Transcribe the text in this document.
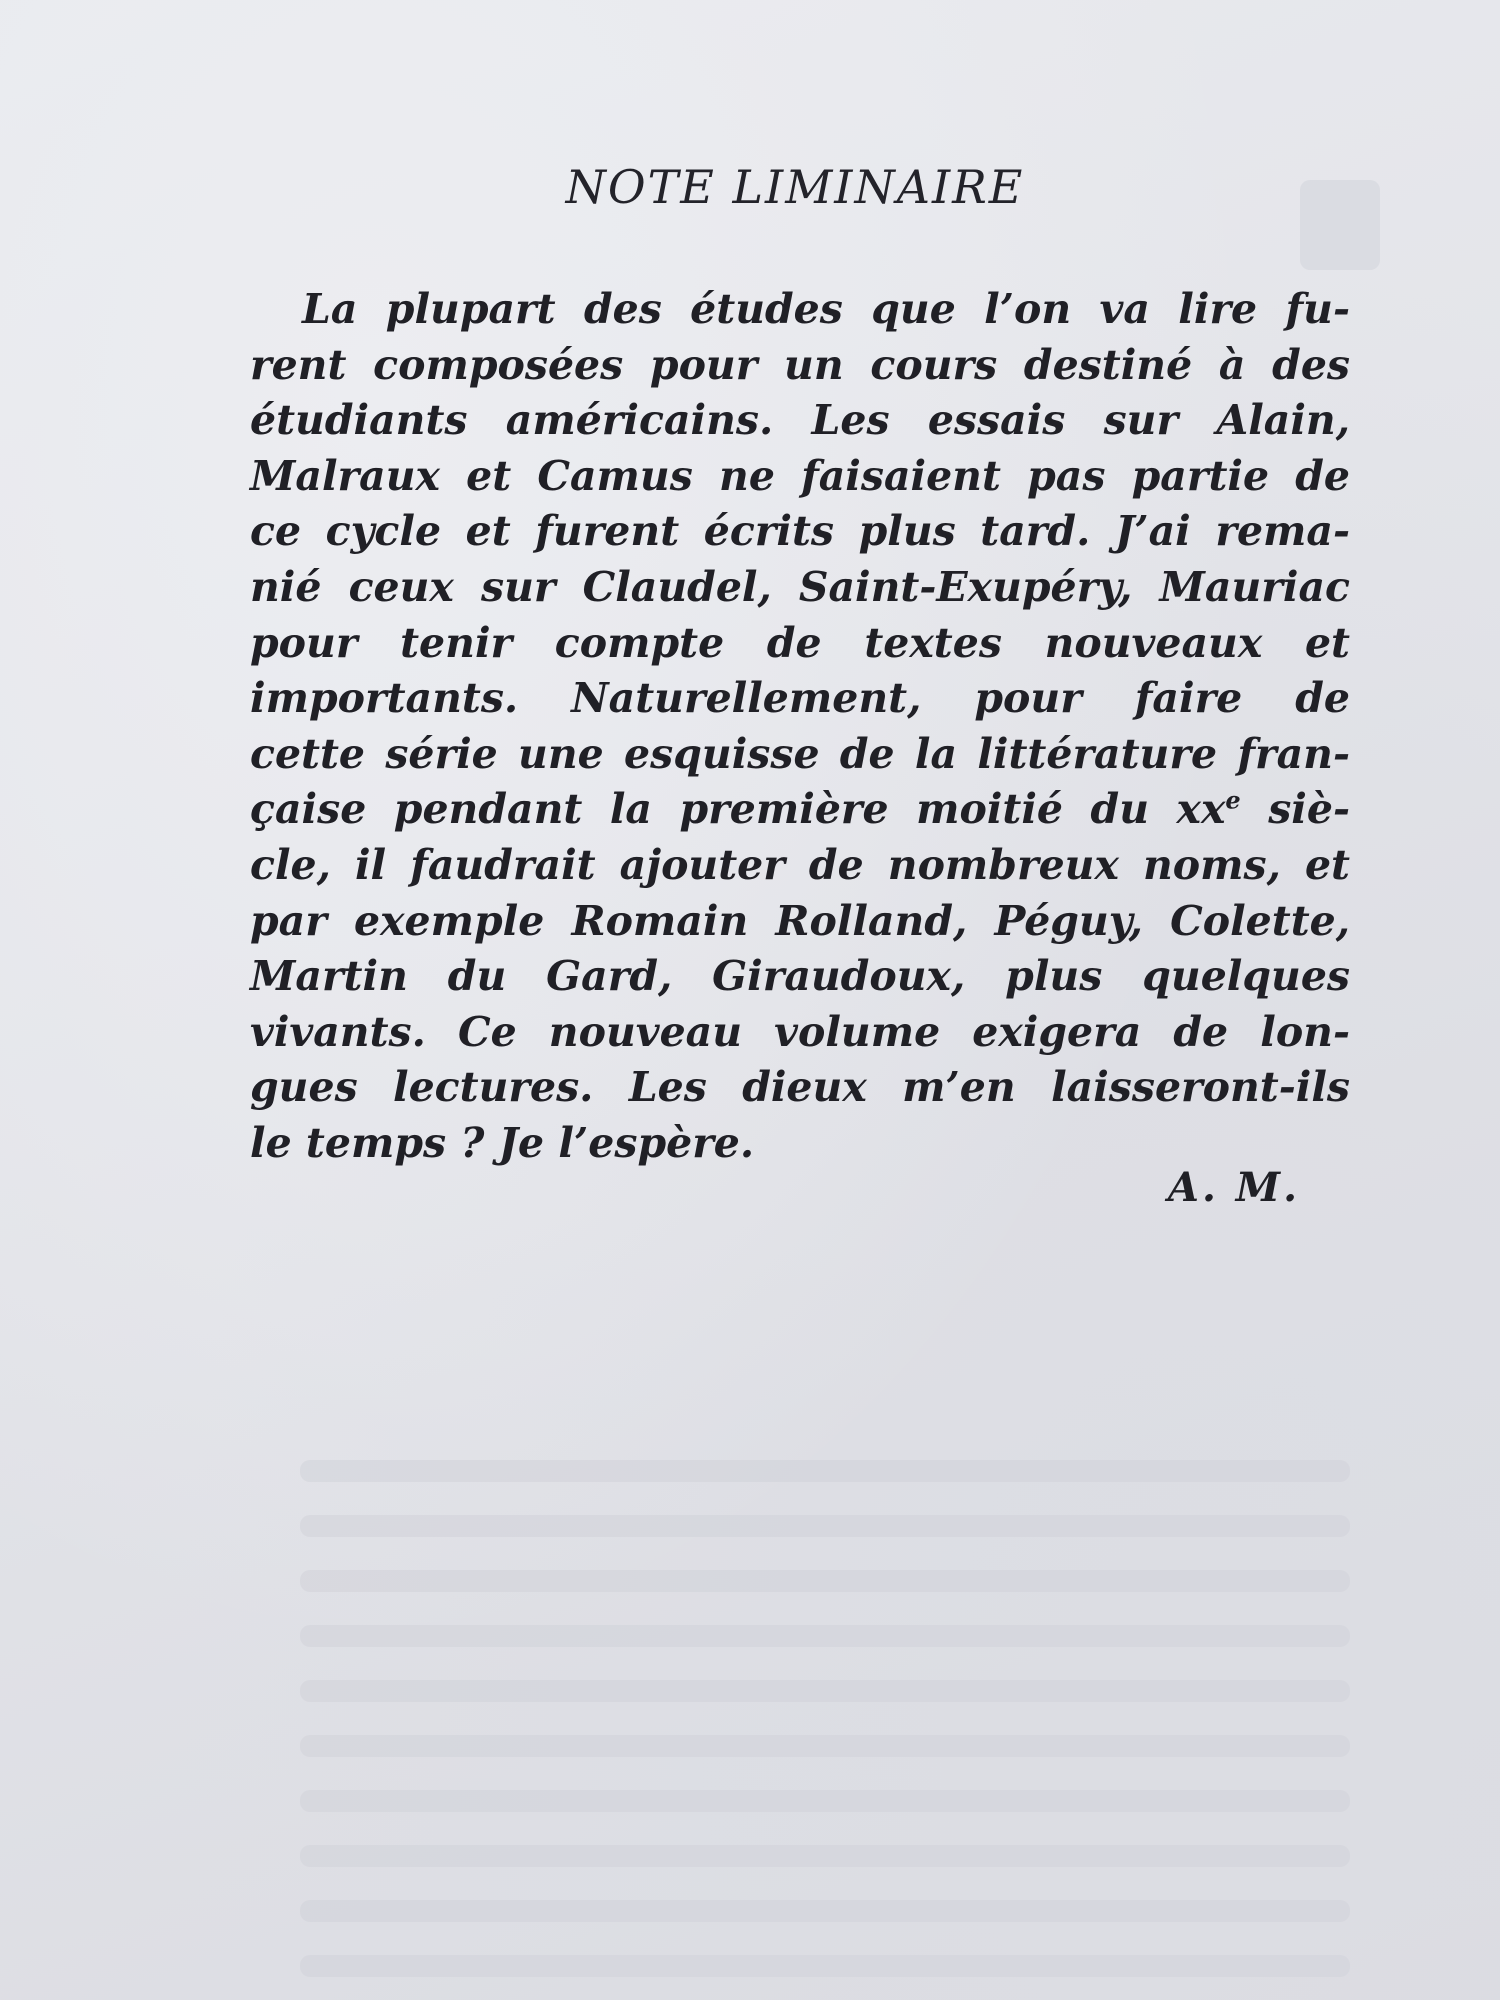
NOTE LIMINAIRE
La plupart des études que l’on va lire fu-
rent composées pour un cours destiné à des
étudiants américains. Les essais sur Alain,
Malraux et Camus ne faisaient pas partie de
ce cycle et furent écrits plus tard. J’ai rema-
nié ceux sur Claudel, Saint-Exupéry, Mauriac
pour tenir compte de textes nouveaux et
importants. Naturellement, pour faire de
cette série une esquisse de la littérature fran-
çaise pendant la première moitié du $xx^e$ siè-
cle, il faudrait ajouter de nombreux noms, et
par exemple Romain Rolland, Péguy, Colette,
Martin du Gard, Giraudoux, plus quelques
vivants. Ce nouveau volume exigera de lon-
gues lectures. Les dieux m’en laisseront-ils
le temps ? Je l’espère.
A. M.
